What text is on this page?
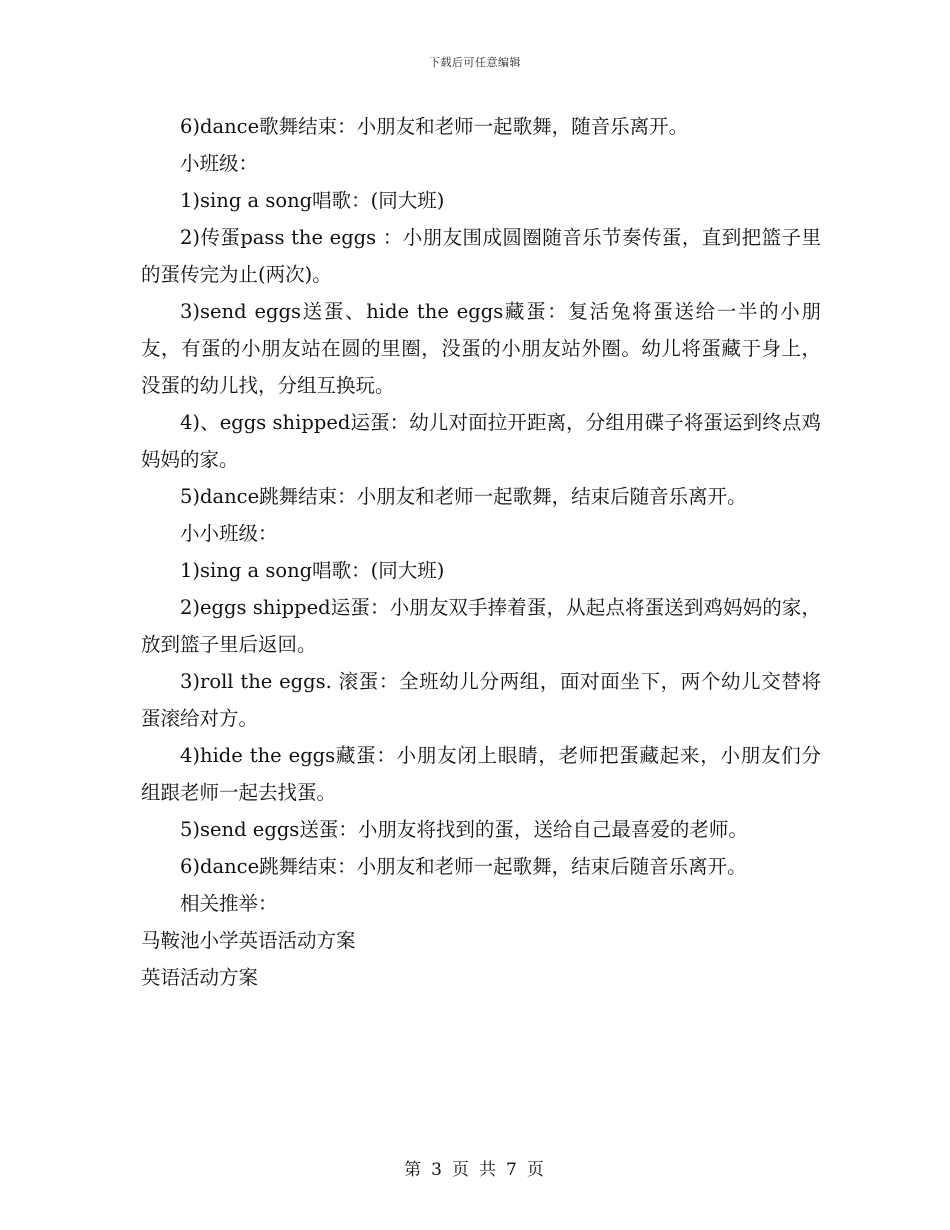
下载后可任意编辑

6)dance歌舞结束：小朋友和老师一起歌舞，随音乐离开。

小班级：

1)sing a song唱歌：(同大班)

2)传蛋pass the eggs ：小朋友围成圆圈随音乐节奏传蛋，直到把篮子里的蛋传完为止(两次)。

3)send eggs送蛋、hide the eggs藏蛋：复活兔将蛋送给一半的小朋友，有蛋的小朋友站在圆的里圈，没蛋的小朋友站外圈。幼儿将蛋藏于身上，没蛋的幼儿找，分组互换玩。

4)、eggs shipped运蛋：幼儿对面拉开距离，分组用碟子将蛋运到终点鸡妈妈的家。

5)dance跳舞结束：小朋友和老师一起歌舞，结束后随音乐离开。

小小班级：

1)sing a song唱歌：(同大班)

2)eggs shipped运蛋：小朋友双手捧着蛋，从起点将蛋送到鸡妈妈的家，放到篮子里后返回。

3)roll the eggs. 滚蛋：全班幼儿分两组，面对面坐下，两个幼儿交替将蛋滚给对方。

4)hide the eggs藏蛋：小朋友闭上眼睛，老师把蛋藏起来，小朋友们分组跟老师一起去找蛋。

5)send eggs送蛋：小朋友将找到的蛋，送给自己最喜爱的老师。

6)dance跳舞结束：小朋友和老师一起歌舞，结束后随音乐离开。

相关推举：

马鞍池小学英语活动方案

英语活动方案

第 3 页 共 7 页
